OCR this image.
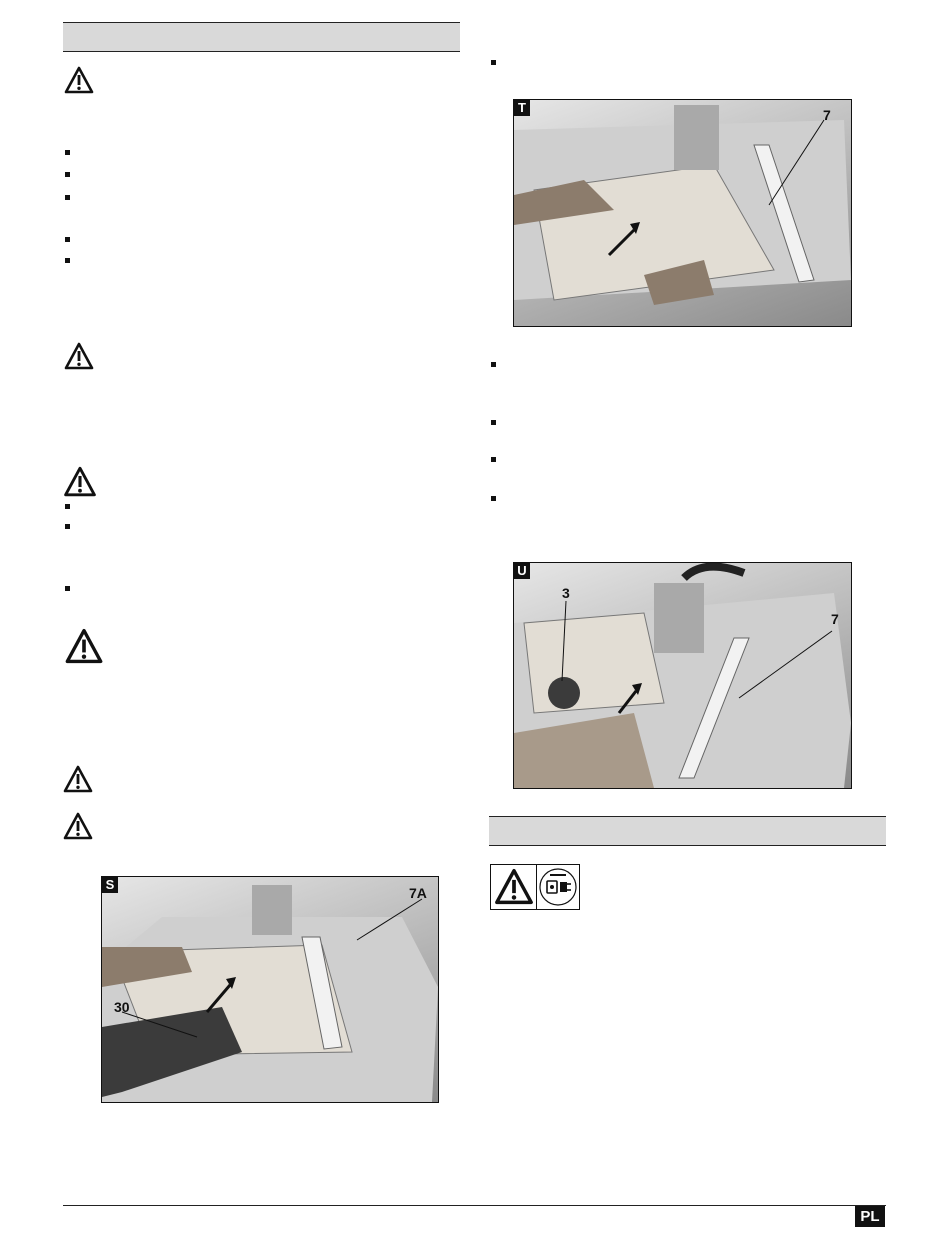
S
7A
30
T	7
U
3
7
PL
